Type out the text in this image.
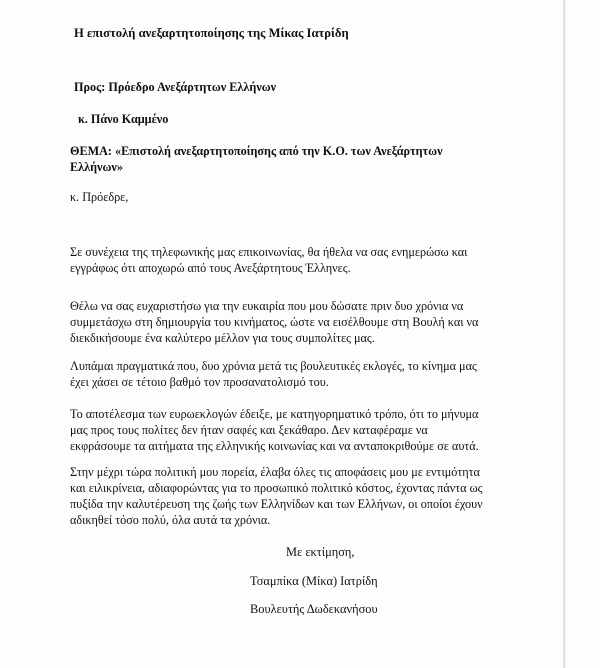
Η επιστολή ανεξαρτητοποίησης της Μίκας Ιατρίδη
Προς: Πρόεδρο Ανεξάρτητων Ελλήνων
κ. Πάνο Καμμένο
ΘΕΜΑ: «Επιστολή ανεξαρτητοποίησης από την Κ.Ο. των Ανεξάρτητων
Ελλήνων»
κ. Πρόεδρε,
Σε συνέχεια της τηλεφωνικής μας επικοινωνίας, θα ήθελα να σας ενημερώσω και
εγγράφως ότι αποχωρώ από τους Ανεξάρτητους Έλληνες.
Θέλω να σας ευχαριστήσω για την ευκαιρία που μου δώσατε πριν δυο χρόνια να
συμμετάσχω στη δημιουργία του κινήματος, ώστε να εισέλθουμε στη Βουλή και να
διεκδικήσουμε ένα καλύτερο μέλλον για τους συμπολίτες μας.
Λυπάμαι πραγματικά που, δυο χρόνια μετά τις βουλευτικές εκλογές, το κίνημα μας
έχει χάσει σε τέτοιο βαθμό τον προσανατολισμό του.
Το αποτέλεσμα των ευρωεκλογών έδειξε, με κατηγορηματικό τρόπο, ότι το μήνυμα
μας προς τους πολίτες δεν ήταν σαφές και ξεκάθαρο. Δεν καταφέραμε να
εκφράσουμε τα αιτήματα της ελληνικής κοινωνίας και να ανταποκριθούμε σε αυτά.
Στην μέχρι τώρα πολιτική μου πορεία, έλαβα όλες τις αποφάσεις μου με εντιμότητα
και ειλικρίνεια, αδιαφορώντας για το προσωπικό πολιτικό κόστος, έχοντας πάντα ως
πυξίδα την καλυτέρευση της ζωής των Ελληνίδων και των Ελλήνων, οι οποίοι έχουν
αδικηθεί τόσο πολύ, όλα αυτά τα χρόνια.
Με εκτίμηση,
Τσαμπίκα (Μίκα) Ιατρίδη
Βουλευτής Δωδεκανήσου
